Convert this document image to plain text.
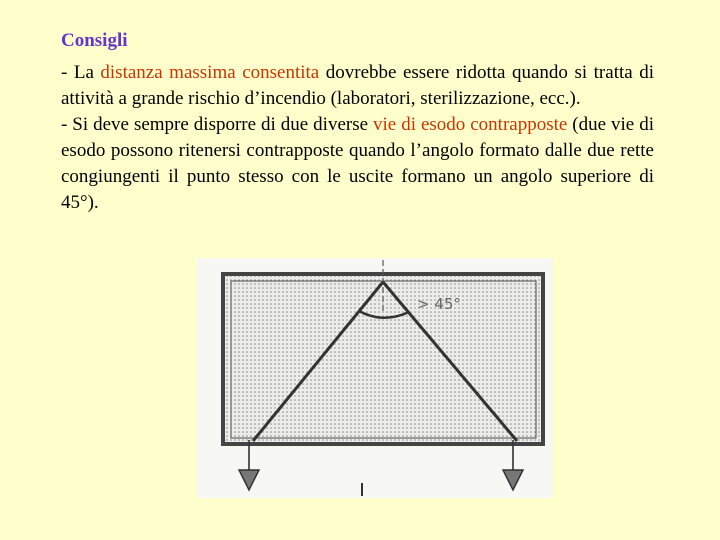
Consigli

- La distanza massima consentita dovrebbe essere ridotta quando si tratta di attività a grande rischio d’incendio (laboratori, sterilizzazione, ecc.).

- Si deve sempre disporre di due diverse vie di esodo contrapposte (due vie di esodo possono ritenersi contrapposte quando l’angolo formato dalle due rette congiungenti il punto stesso con le uscite formano un angolo superiore di 45°).

> 45°
